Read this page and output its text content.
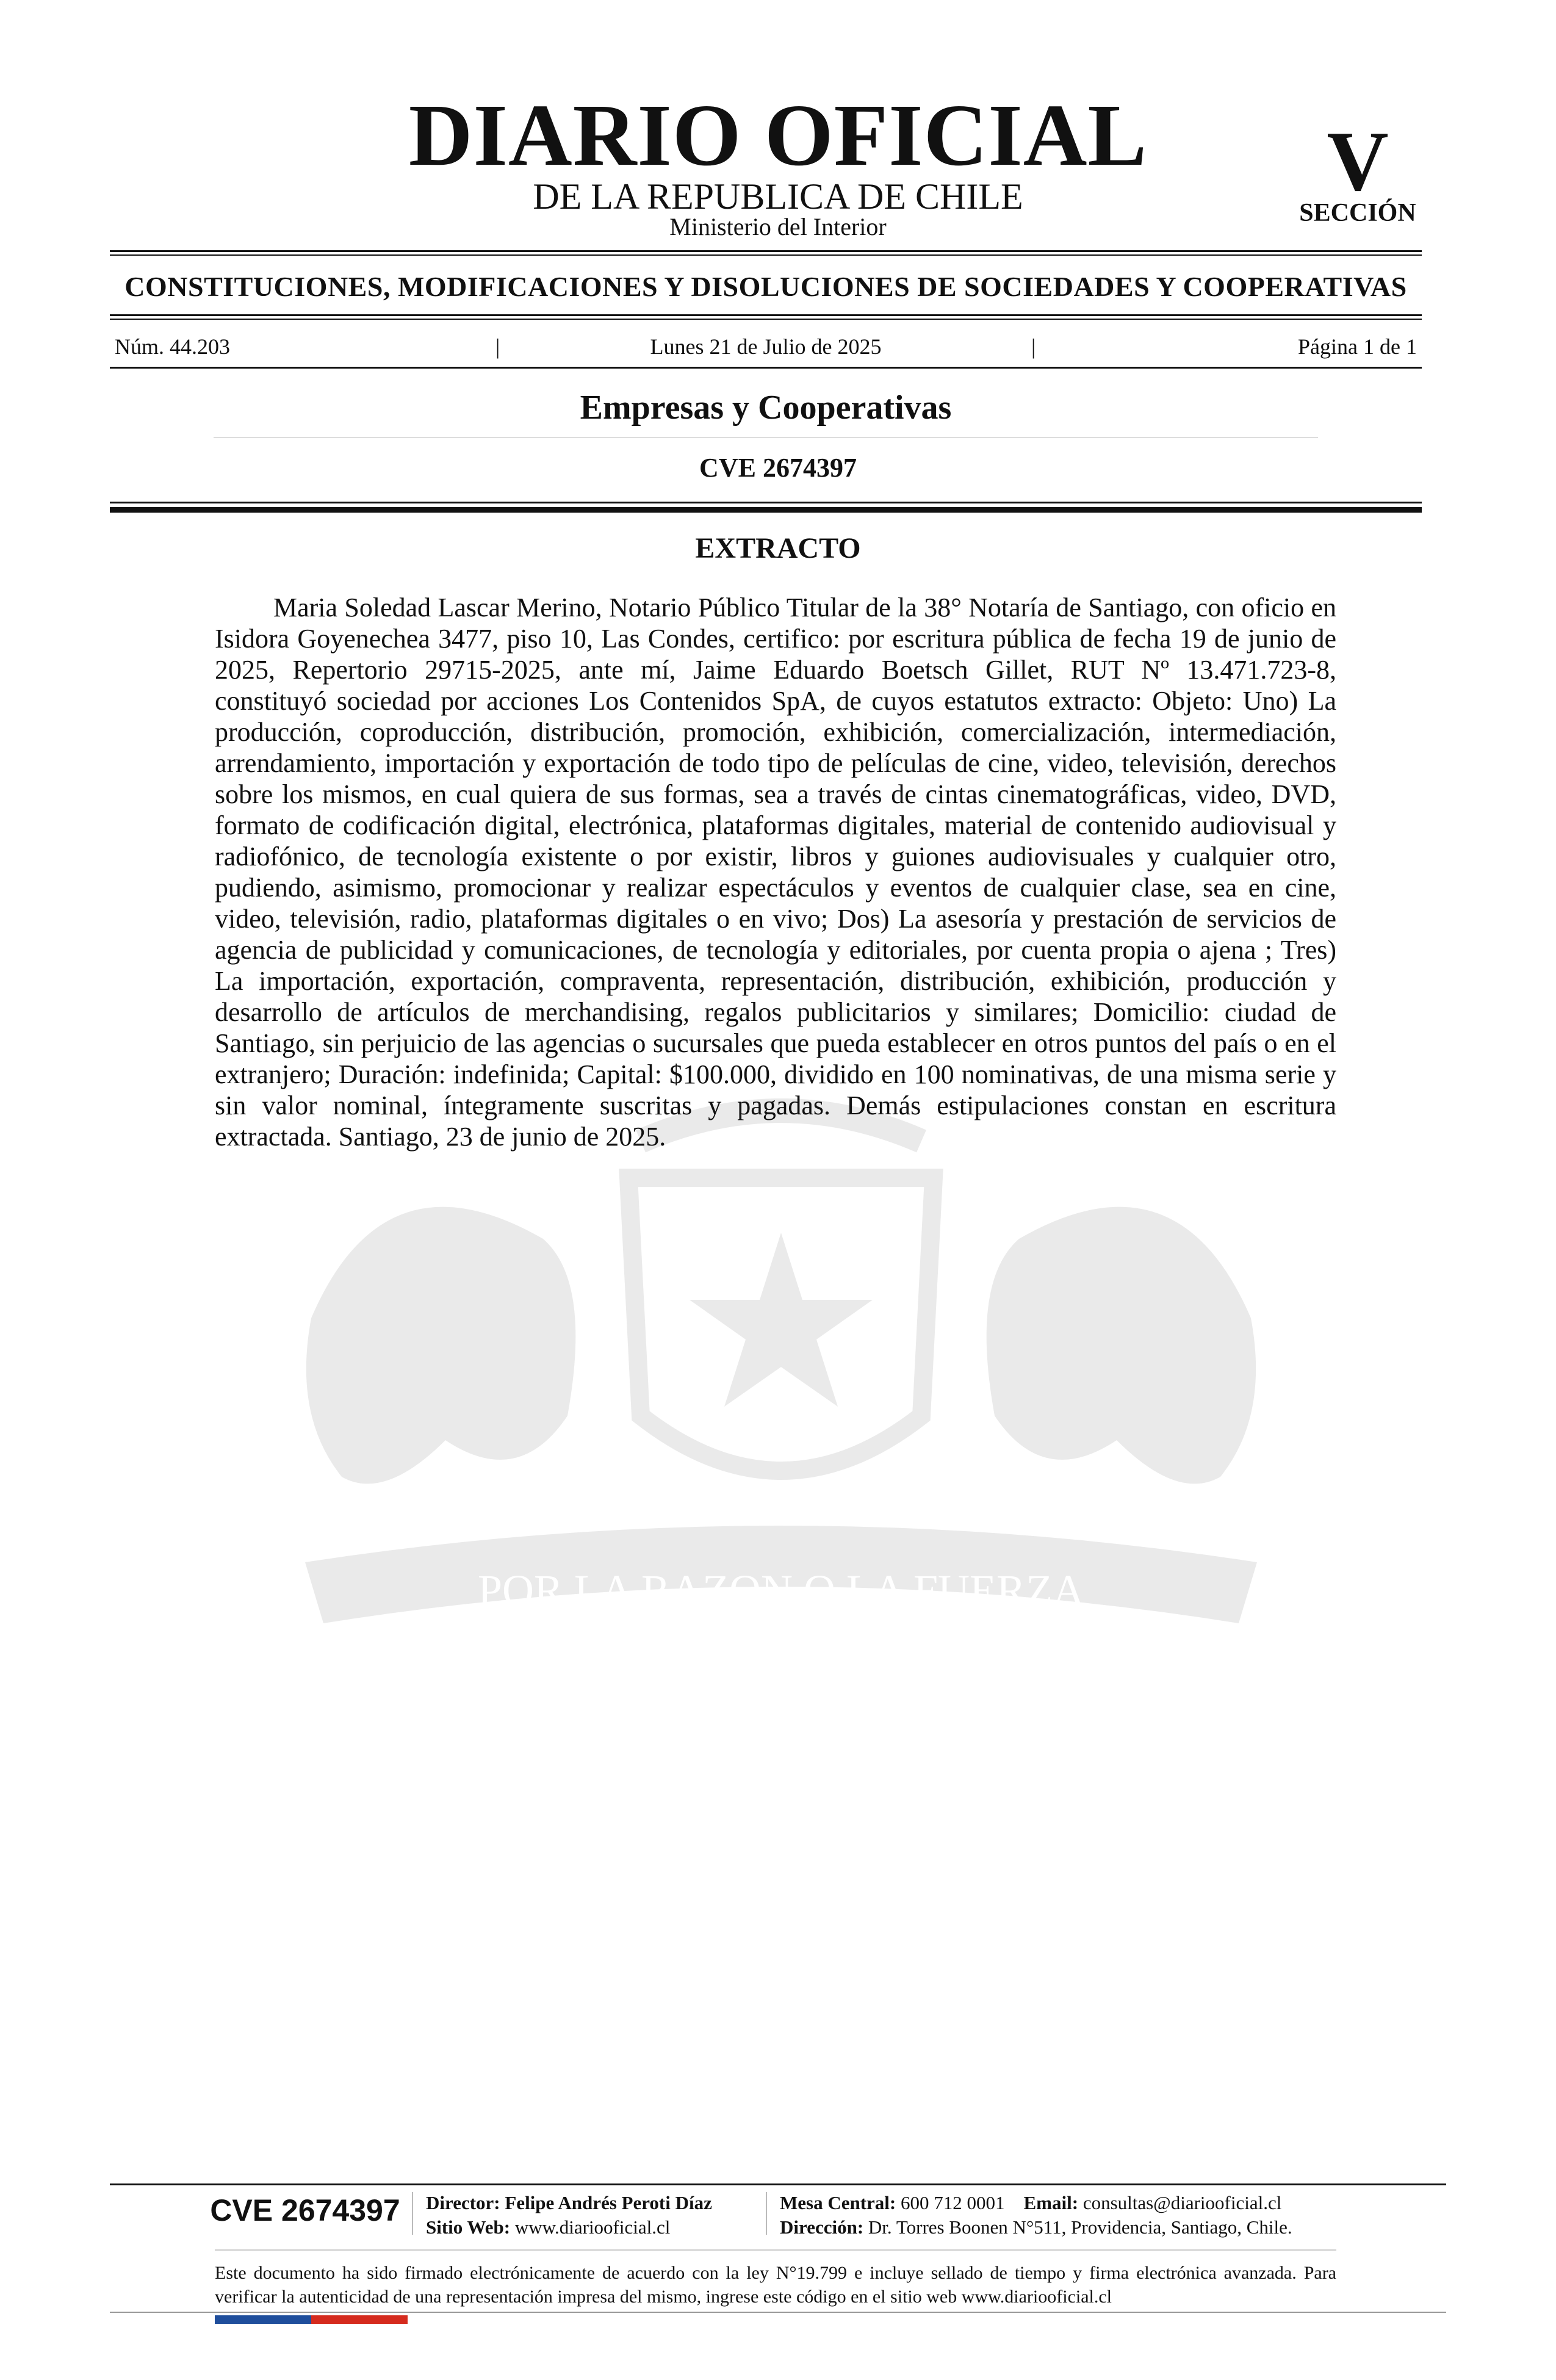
DIARIO OFICIAL
DE LA REPUBLICA DE CHILE
Ministerio del Interior
V
SECCIÓN
CONSTITUCIONES, MODIFICACIONES Y DISOLUCIONES DE SOCIEDADES Y COOPERATIVAS
Núm. 44.203	|	Lunes 21 de Julio de 2025	|	Página 1 de 1
Empresas y Cooperativas
CVE 2674397
POR LA RAZON O LA FUERZA
EXTRACTO

Maria Soledad Lascar Merino, Notario Público Titular de la 38° Notaría de Santiago, con oficio en Isidora Goyenechea 3477, piso 10, Las Condes, certifico: por escritura pública de fecha 19 de junio de 2025, Repertorio 29715-2025, ante mí, Jaime Eduardo Boetsch Gillet, RUT Nº 13.471.723-8, constituyó sociedad por acciones Los Contenidos SpA, de cuyos estatutos extracto: Objeto: Uno) La producción, coproducción, distribución, promoción, exhibición, comercialización, intermediación, arrendamiento, importación y exportación de todo tipo de películas de cine, video, televisión, derechos sobre los mismos, en cual quiera de sus formas, sea a través de cintas cinematográficas, video, DVD, formato de codificación digital, electrónica, plataformas digitales, material de contenido audiovisual y radiofónico, de tecnología existente o por existir, libros y guiones audiovisuales y cualquier otro, pudiendo, asimismo, promocionar y realizar espectáculos y eventos de cualquier clase, sea en cine, video, televisión, radio, plataformas digitales o en vivo; Dos) La asesoría y prestación de servicios de agencia de publicidad y comunicaciones, de tecnología y editoriales, por cuenta propia o ajena ; Tres) La importación, exportación, compraventa, representación, distribución, exhibición, producción y desarrollo de artículos de merchandising, regalos publicitarios y similares; Domicilio: ciudad de Santiago, sin perjuicio de las agencias o sucursales que pueda establecer en otros puntos del país o en el extranjero; Duración: indefinida; Capital: $100.000, dividido en 100 nominativas, de una misma serie y sin valor nominal, íntegramente suscritas y pagadas. Demás estipulaciones constan en escritura extractada. Santiago, 23 de junio de 2025.

CVE 2674397	Director: Felipe Andrés Peroti Díaz
Sitio Web: www.diariooficial.cl
Mesa Central: 600 712 0001 Email: consultas@diariooficial.cl
Dirección: Dr. Torres Boonen N°511, Providencia, Santiago, Chile.

Este documento ha sido firmado electrónicamente de acuerdo con la ley N°19.799 e incluye sellado de tiempo y firma electrónica avanzada. Para verificar la autenticidad de una representación impresa del mismo, ingrese este código en el sitio web www.diariooficial.cl
